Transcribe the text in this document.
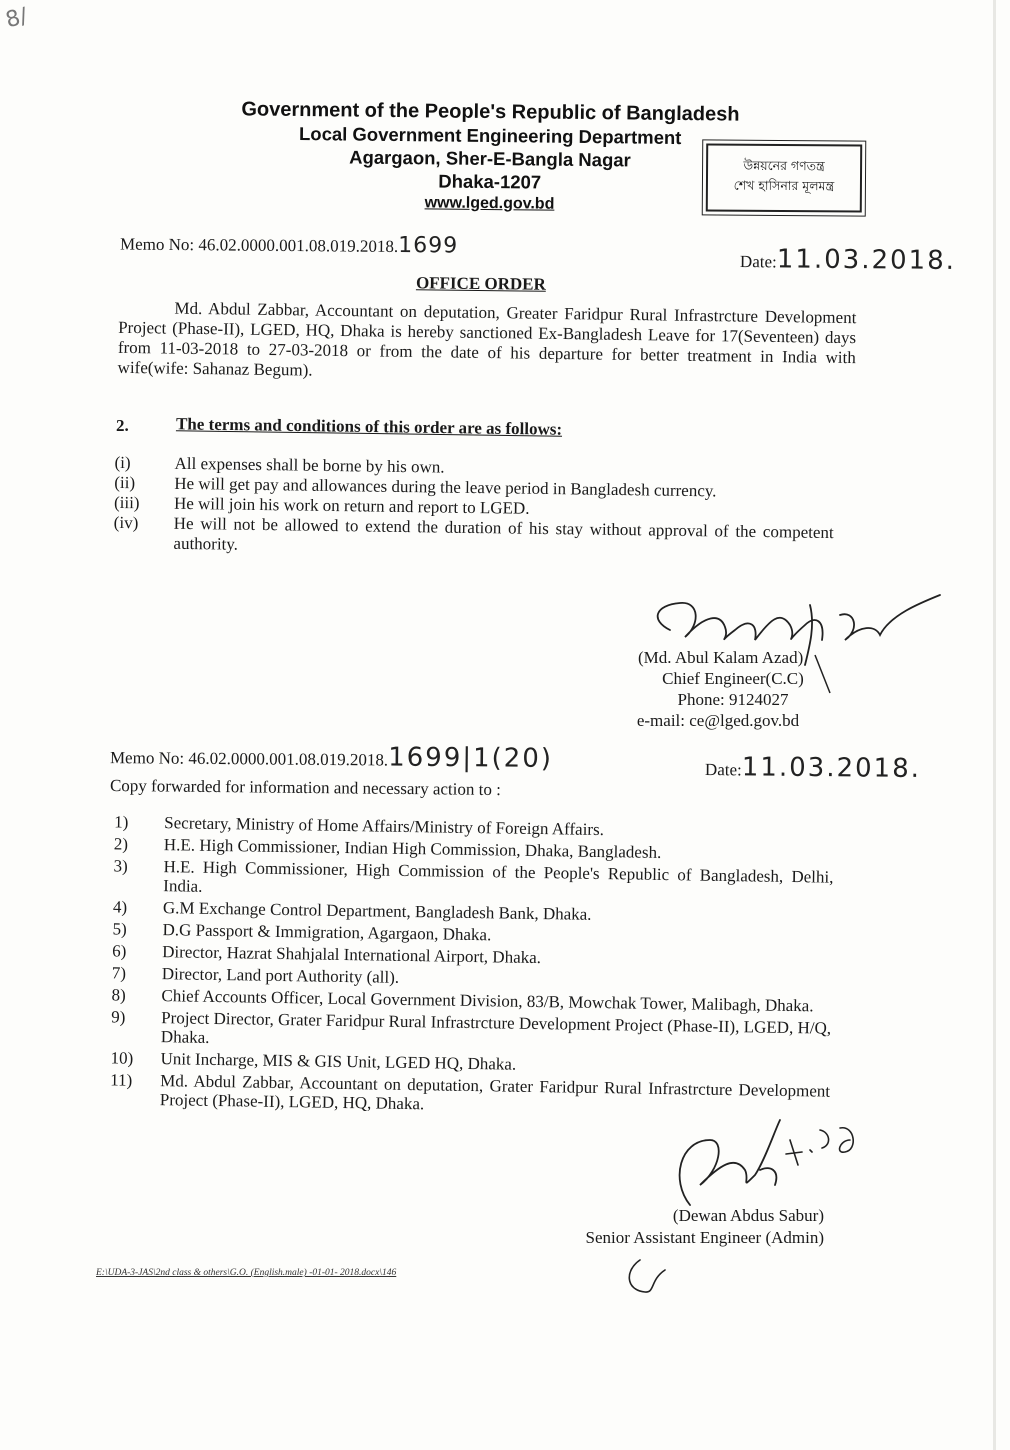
8/
Government of the People's Republic of Bangladesh
Local Government Engineering Department
Agargaon, Sher-E-Bangla Nagar
Dhaka-1207
www.lged.gov.bd
উন্নয়নের গণতন্ত্র
শেখ হাসিনার মূলমন্ত্র
Memo No: 46.02.0000.001.08.019.2018.1699
Date:11.03.2018.
OFFICE ORDER
Md. Abdul Zabbar, Accountant on deputation, Greater Faridpur Rural Infrastrcture Development Project (Phase-II), LGED, HQ, Dhaka is hereby sanctioned Ex-Bangladesh Leave for 17(Seventeen) days from 11-03-2018 to 27-03-2018 or from the date of his departure for better treatment in India with wife(wife: Sahanaz Begum).
2.	The terms and conditions of this order are as follows:
(i)	All expenses shall be borne by his own.
(ii)	He will get pay and allowances during the leave period in Bangladesh currency.
(iii)	He will join his work on return and report to LGED.
(iv)	He will not be allowed to extend the duration of his stay without approval of the competent authority.
(Md. Abul Kalam Azad)
Chief Engineer(C.C)
Phone: 9124027
e-mail: ce@lged.gov.bd
Memo No: 46.02.0000.001.08.019.2018.1699|1(20)	Date:11.03.2018.
Copy forwarded for information and necessary action to :
1)	Secretary, Ministry of Home Affairs/Ministry of Foreign Affairs.
2)	H.E. High Commissioner, Indian High Commission, Dhaka, Bangladesh.
3)	H.E. High Commissioner, High Commission of the People's Republic of Bangladesh, Delhi, India.
4)	G.M Exchange Control Department, Bangladesh Bank, Dhaka.
5)	D.G Passport & Immigration, Agargaon, Dhaka.
6)	Director, Hazrat Shahjalal International Airport, Dhaka.
7)	Director, Land port Authority (all).
8)	Chief Accounts Officer, Local Government Division, 83/B, Mowchak Tower, Malibagh, Dhaka.
9)	Project Director, Grater Faridpur Rural Infrastrcture Development Project (Phase-II), LGED, H/Q, Dhaka.
10)	Unit Incharge, MIS & GIS Unit, LGED HQ, Dhaka.
11)	Md. Abdul Zabbar, Accountant on deputation, Grater Faridpur Rural Infrastrcture Development Project (Phase-II), LGED, HQ, Dhaka.
(Dewan Abdus Sabur)
Senior Assistant Engineer (Admin)
E:\UDA-3-JAS\2nd class & others\G.O. (English.male) -01-01- 2018.docx\146
